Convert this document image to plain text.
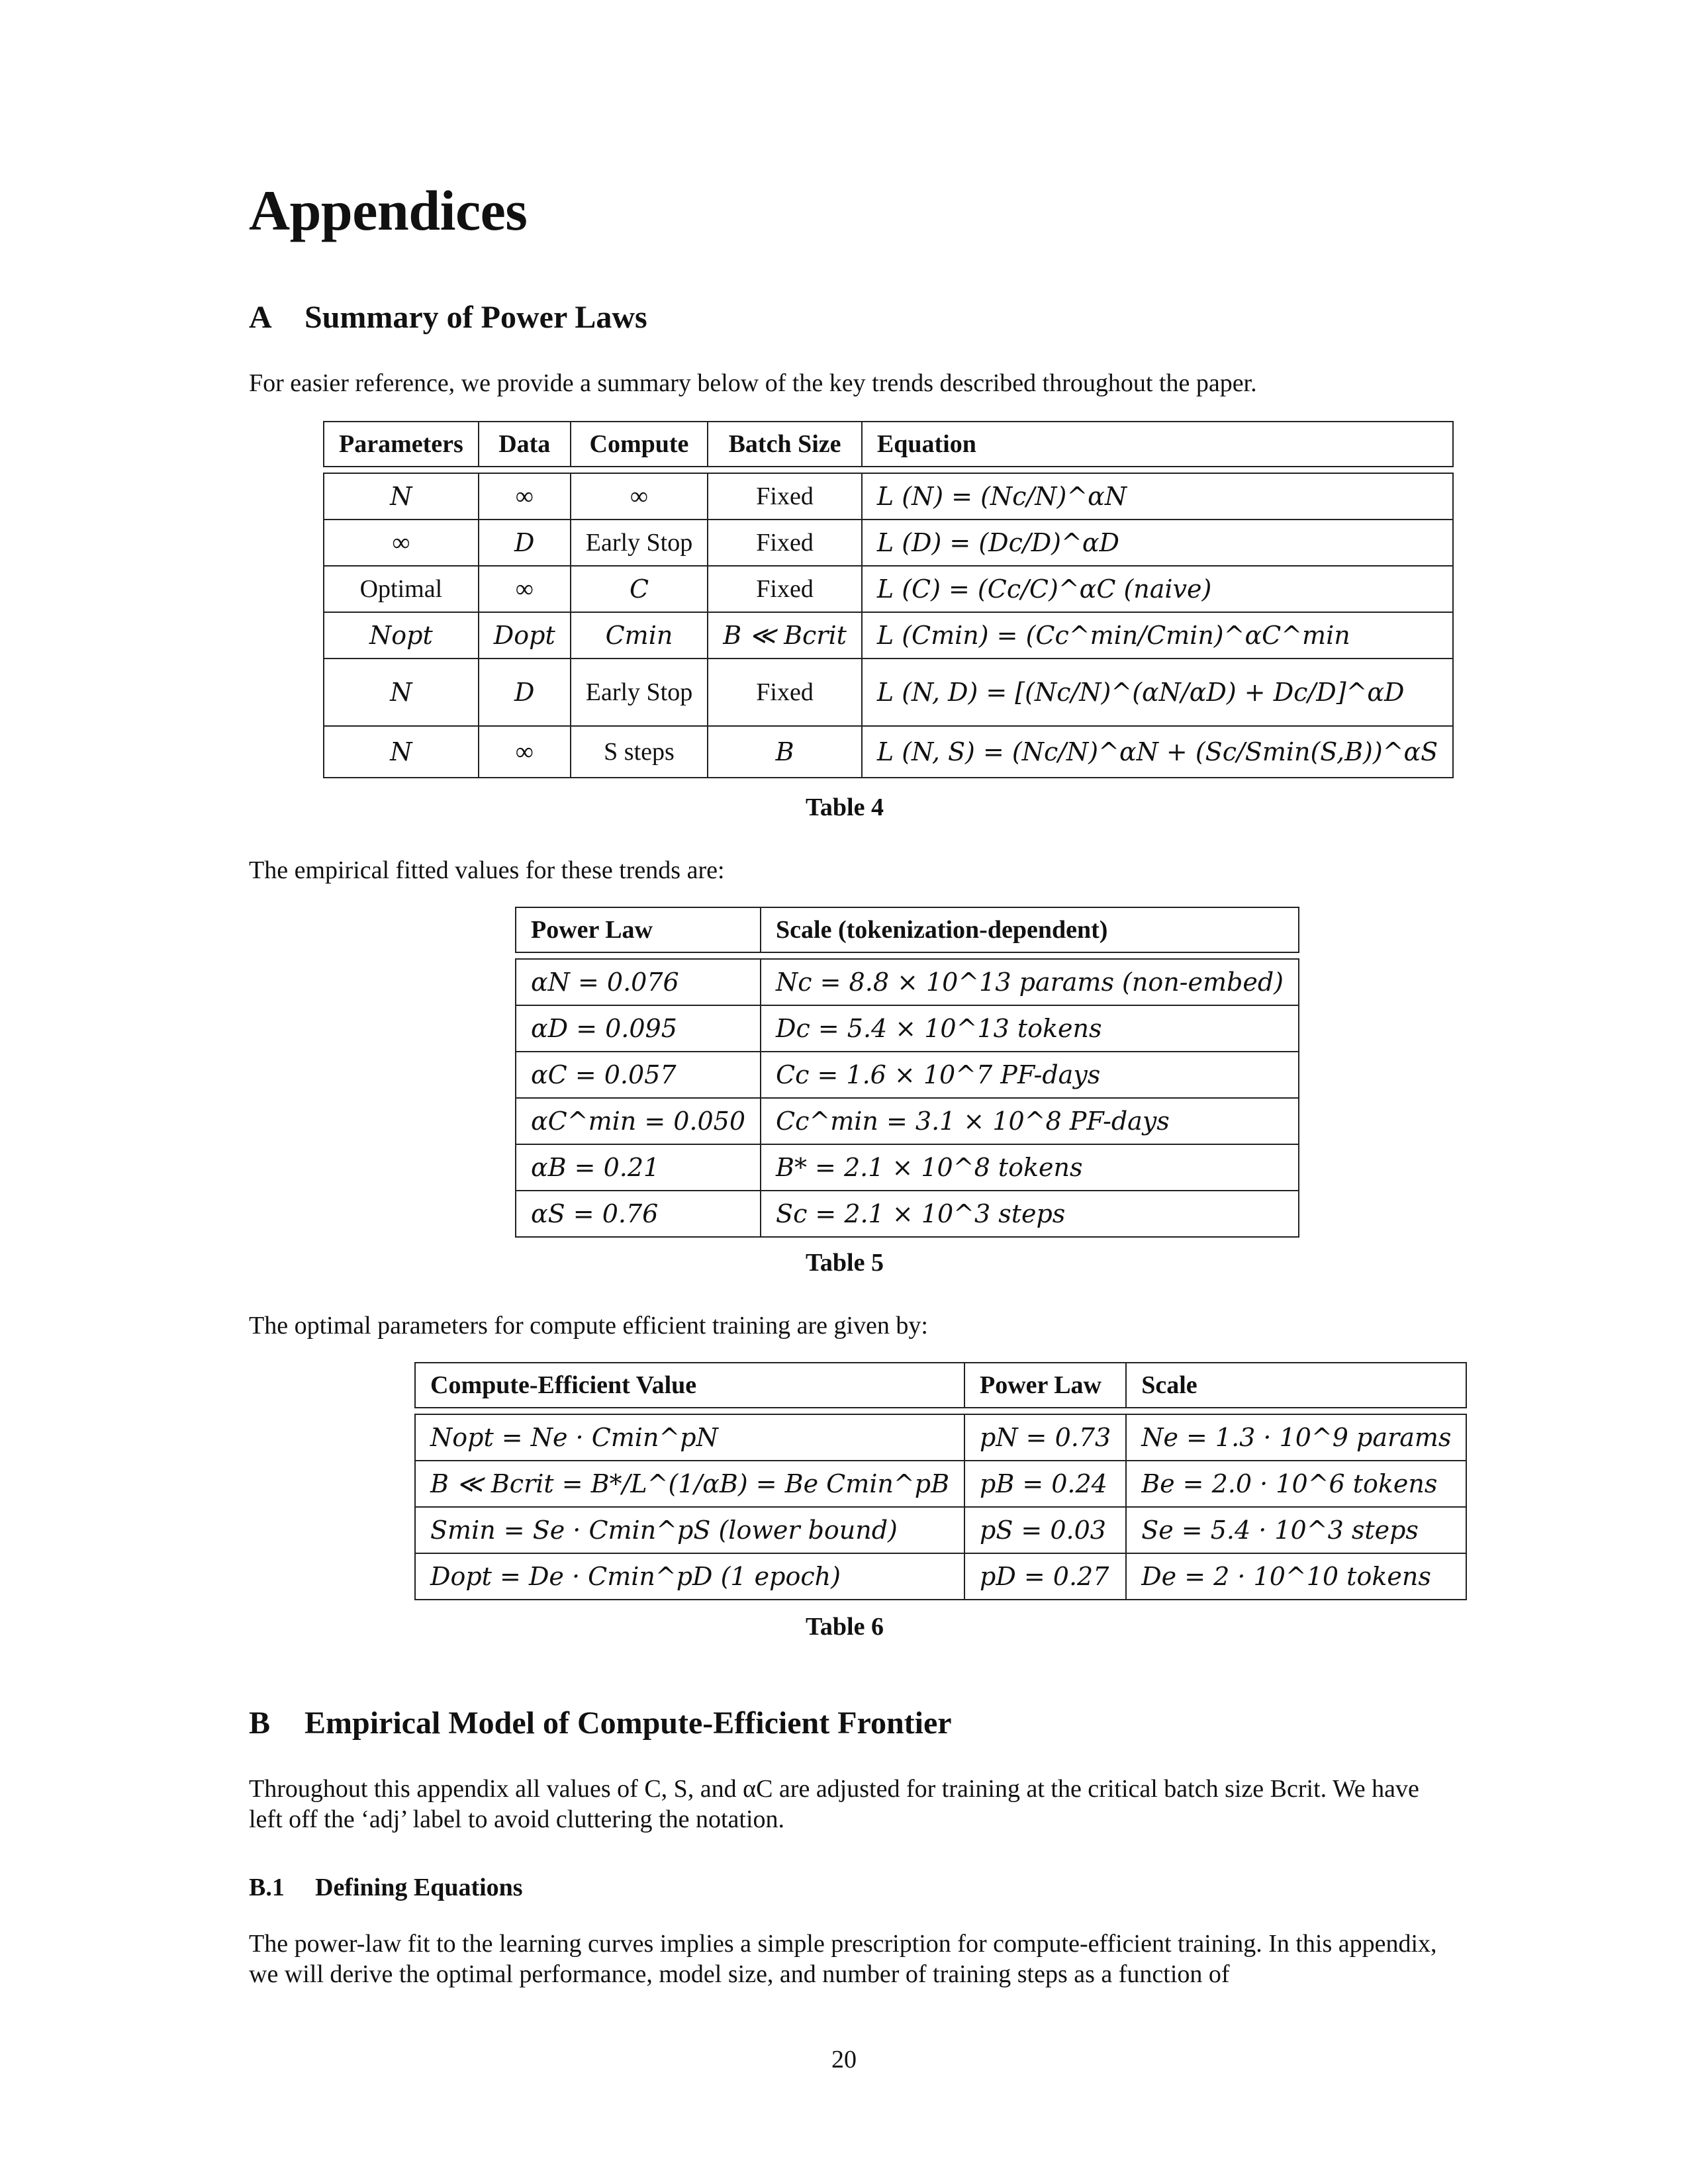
Appendices
A Summary of Power Laws

For easier reference, we provide a summary below of the key trends described throughout the paper.

Parameters	Data	Compute	Batch Size	Equation

N	∞	∞	Fixed	L (N) = (Nc/N)^αN
∞	D	Early Stop	Fixed	L (D) = (Dc/D)^αD
Optimal	∞	C	Fixed	L (C) = (Cc/C)^αC (naive)
Nopt	Dopt	Cmin	B ≪ Bcrit	L (Cmin) = (Cc^min/Cmin)^αC^min
N	D	Early Stop	Fixed	L (N, D) = [(Nc/N)^(αN/αD) + Dc/D]^αD
N	∞	S steps	B	L (N, S) = (Nc/N)^αN + (Sc/Smin(S,B))^αS
Table 4

The empirical fitted values for these trends are:

Power Law	Scale (tokenization-dependent)

αN = 0.076	Nc = 8.8 × 10^13 params (non-embed)
αD = 0.095	Dc = 5.4 × 10^13 tokens
αC = 0.057	Cc = 1.6 × 10^7 PF-days
αC^min = 0.050	Cc^min = 3.1 × 10^8 PF-days
αB = 0.21	B* = 2.1 × 10^8 tokens
αS = 0.76	Sc = 2.1 × 10^3 steps
Table 5

The optimal parameters for compute efficient training are given by:

Compute-Efficient Value	Power Law	Scale

Nopt = Ne · Cmin^pN	pN = 0.73	Ne = 1.3 · 10^9 params
B ≪ Bcrit = B*/L^(1/αB) = Be Cmin^pB	pB = 0.24	Be = 2.0 · 10^6 tokens
Smin = Se · Cmin^pS (lower bound)	pS = 0.03	Se = 5.4 · 10^3 steps
Dopt = De · Cmin^pD (1 epoch)	pD = 0.27	De = 2 · 10^10 tokens
Table 6
B Empirical Model of Compute-Efficient Frontier

Throughout this appendix all values of C, S, and αC are adjusted for training at the critical batch size Bcrit. We have left off the ‘adj’ label to avoid cluttering the notation.

B.1 Defining Equations

The power-law fit to the learning curves implies a simple prescription for compute-efficient training. In this appendix, we will derive the optimal performance, model size, and number of training steps as a function of

20
